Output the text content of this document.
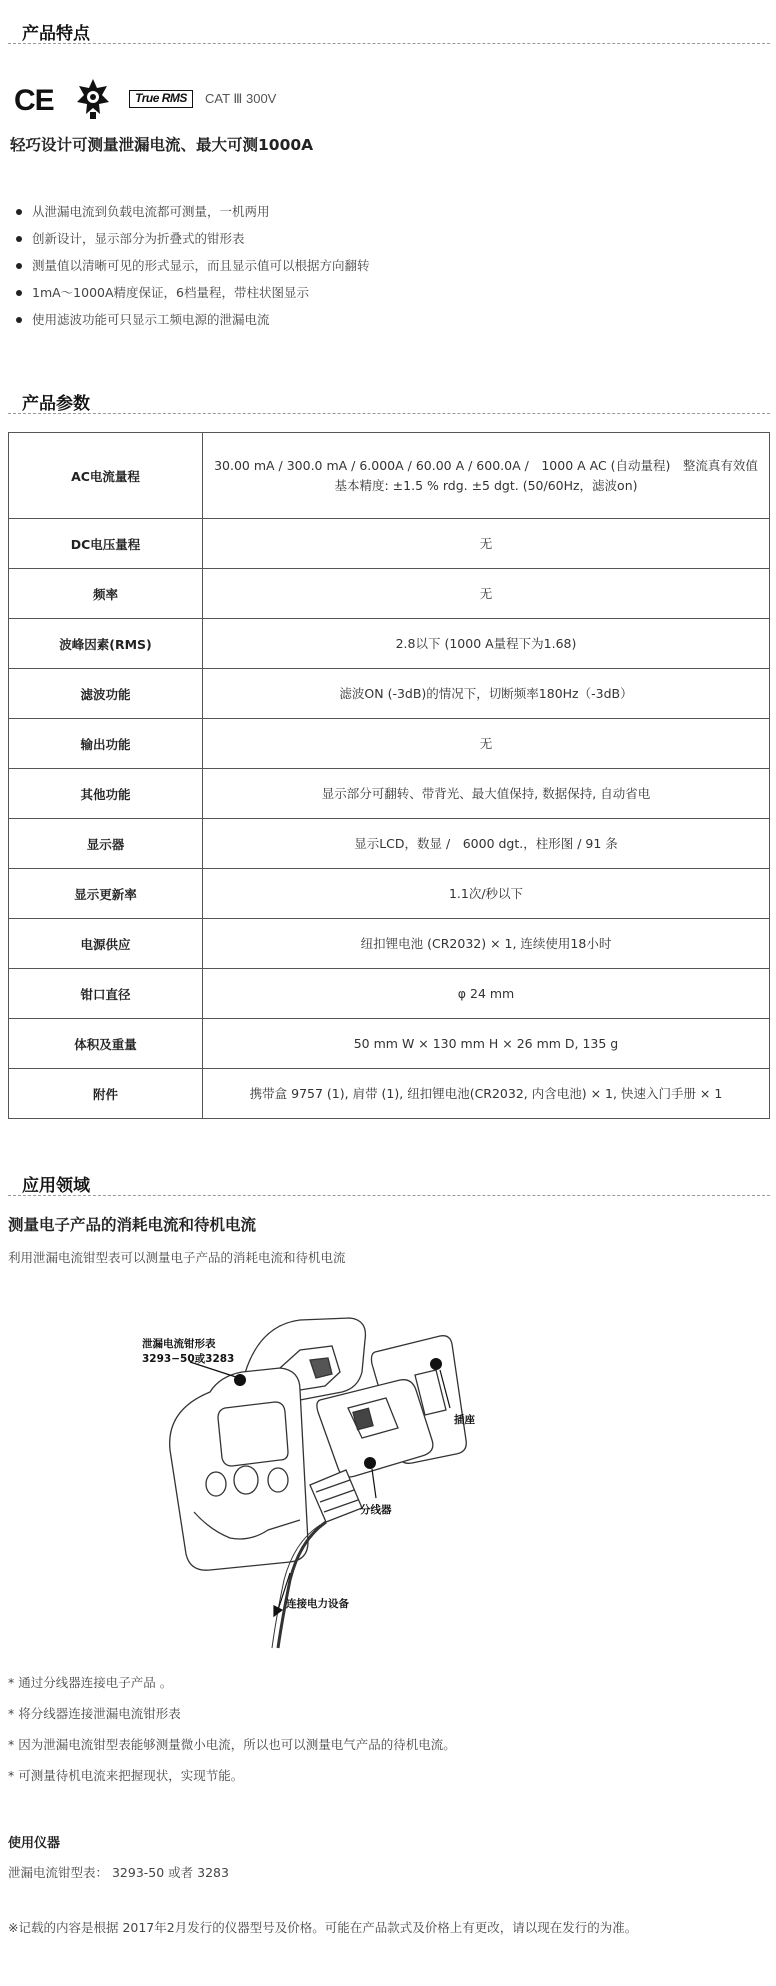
产品特点
CE	True RMS	CAT Ⅲ 300V
轻巧设计可测量泄漏电流、最大可测1000A
从泄漏电流到负载电流都可测量，一机两用
创新设计，显示部分为折叠式的钳形表
测量值以清晰可见的形式显示，而且显示值可以根据方向翻转
1mA～1000A精度保证，6档量程，带柱状图显示
使用滤波功能可只显示工频电源的泄漏电流
产品参数
AC电流量程	30.00 mA / 300.0 mA / 6.000A / 60.00 A / 600.0A /　1000 A AC (自动量程)　整流真有效值
基本精度: ±1.5 % rdg. ±5 dgt. (50/60Hz，滤波on)

DC电压量程	无
频率	无
波峰因素(RMS)	2.8以下 (1000 A量程下为1.68)
滤波功能	滤波ON (-3dB)的情况下，切断频率180Hz（-3dB）
输出功能	无
其他功能	显示部分可翻转、带背光、最大值保持, 数据保持, 自动省电
显示器	显示LCD，数显 /　6000 dgt.，柱形图 / 91 条
显示更新率	1.1次/秒以下
电源供应	纽扣锂电池 (CR2032) × 1, 连续使用18小时
钳口直径	φ 24 mm
体积及重量	50 mm W × 130 mm H × 26 mm D, 135 g
附件	携带盒 9757 (1), 肩带 (1), 纽扣锂电池(CR2032, 内含电池) × 1, 快速入门手册 × 1
应用领域
测量电子产品的消耗电流和待机电流
利用泄漏电流钳型表可以测量电子产品的消耗电流和待机电流
泄漏电流钳形表
3293−50或3283
插座
分线器
连接电力设备
* 通过分线器连接电子产品 。
* 将分线器连接泄漏电流钳形表
* 因为泄漏电流钳型表能够测量微小电流，所以也可以测量电气产品的待机电流。
* 可测量待机电流来把握现状，实现节能。
使用仪器
泄漏电流钳型表： 3293-50 或者 3283
※记载的内容是根据 2017年2月发行的仪器型号及价格。可能在产品款式及价格上有更改，请以现在发行的为准。
